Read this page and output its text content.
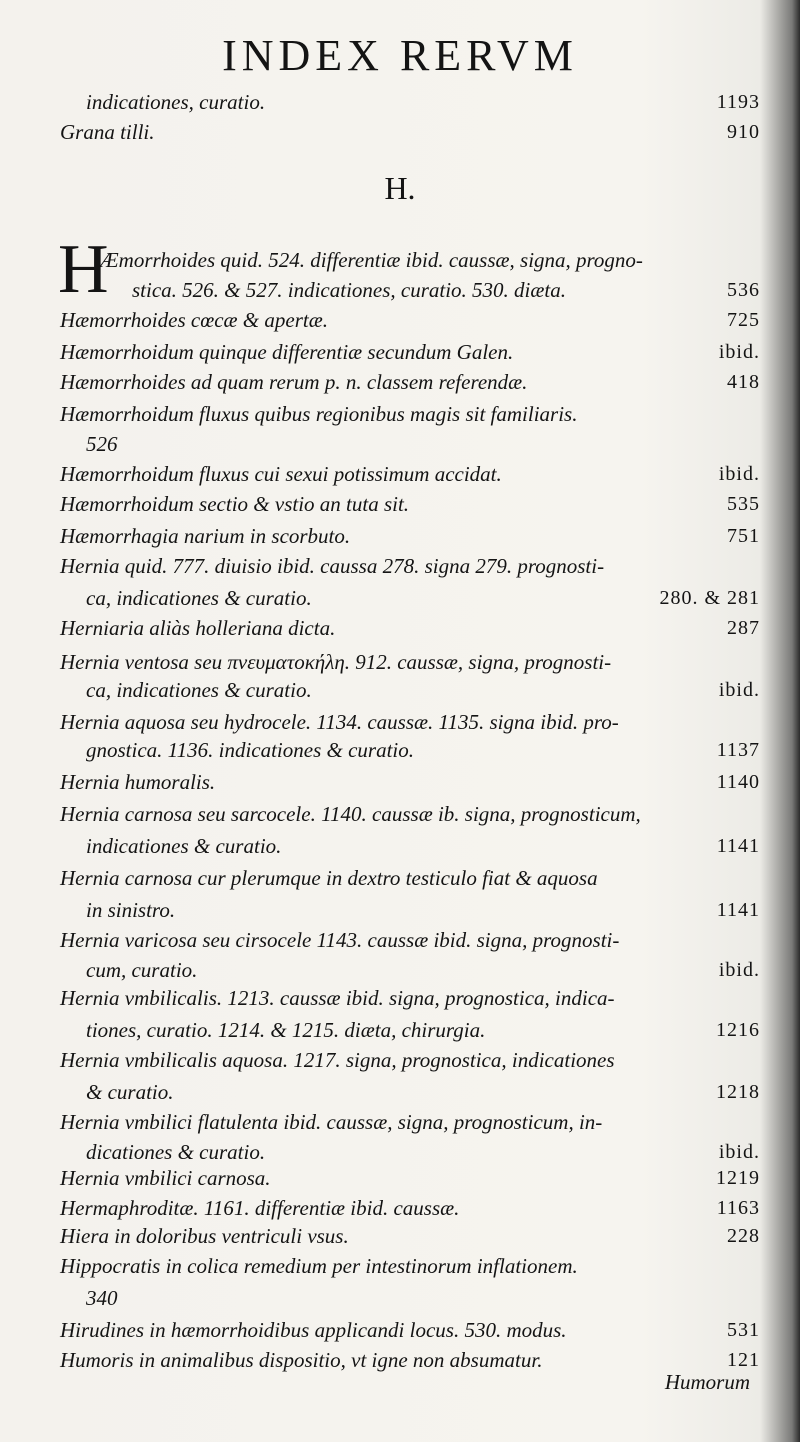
INDEX RERVM
indicationes, curatio.	1193
Grana tilli.	910
H.
H
Æmorrhoides quid. 524. differentiæ ibid. caussæ, signa, progno-
stica. 526. & 527. indicationes, curatio. 530. diæta.	536
Hæmorrhoides cœcæ & apertæ.	725
Hæmorrhoidum quinque differentiæ secundum Galen.	ibid.
Hæmorrhoides ad quam rerum p. n. classem referendæ.	418
Hæmorrhoidum fluxus quibus regionibus magis sit familiaris.
526
Hæmorrhoidum fluxus cui sexui potissimum accidat.	ibid.
Hæmorrhoidum sectio & vstio an tuta sit.	535
Hæmorrhagia narium in scorbuto.	751
Hernia quid. 777. diuisio ibid. caussa 278. signa 279. prognosti-
ca, indicationes & curatio.	280. & 281
Herniaria aliàs holleriana dicta.	287
Hernia ventosa seu πνευματοκήλη. 912. caussæ, signa, prognosti-
ca, indicationes & curatio.	ibid.
Hernia aquosa seu hydrocele. 1134. caussæ. 1135. signa ibid. pro-
gnostica. 1136. indicationes & curatio.	1137
Hernia humoralis.	1140
Hernia carnosa seu sarcocele. 1140. caussæ ib. signa, prognosticum,
indicationes & curatio.	1141
Hernia carnosa cur plerumque in dextro testiculo fiat & aquosa
in sinistro.	1141
Hernia varicosa seu cirsocele 1143. caussæ ibid. signa, prognosti-
cum, curatio.	ibid.
Hernia vmbilicalis. 1213. caussæ ibid. signa, prognostica, indica-
tiones, curatio. 1214. & 1215. diæta, chirurgia.	1216
Hernia vmbilicalis aquosa. 1217. signa, prognostica, indicationes
& curatio.	1218
Hernia vmbilici flatulenta ibid. caussæ, signa, prognosticum, in-
dicationes & curatio.	ibid.
Hernia vmbilici carnosa.	1219
Hermaphroditæ. 1161. differentiæ ibid. caussæ.	1163
Hiera in doloribus ventriculi vsus.	228
Hippocratis in colica remedium per intestinorum inflationem.
340
Hirudines in hæmorrhoidibus applicandi locus. 530. modus.	531
Humoris in animalibus dispositio, vt igne non absumatur.	121
Humorum
